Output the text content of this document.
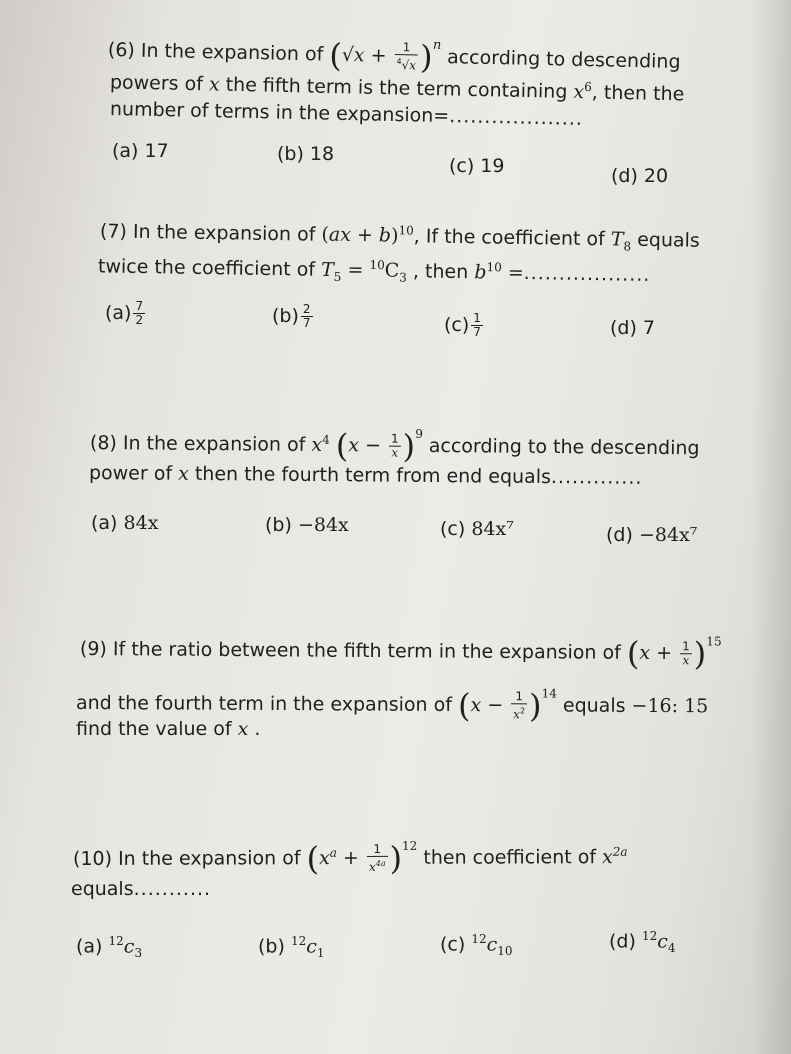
(6) In the expansion of $(√x + \frac{1}{^4√x} )^n$ according to descending
powers of x the fifth term is the term containing $x^6$, then the
number of terms in the expansion=...................
(a) 17	(b) 18
(c) 19	(d) 20
(7) In the expansion of (ax + b)$^{10}$, If the coefficient of $T_8$ equals
twice the coefficient of $T_5 = ^{10}C_3$ , then $b^{10}$ =..................
$(a) \frac{7}{2}$	$(b) \frac{2}{7}$	$(c) \frac{1}{7}$	(d) 7
(8) In the expansion of $x^4$ $(x - \frac{1}{x} )^9$ according to the descending
power of x then the fourth term from end equals.............
(a) 84x	(b) −84x	(c) 84x⁷	(d) −84x⁷
(9) If the ratio between the fifth term in the expansion of $(x + \frac{1}{x} )^{15}$
and the fourth term in the expansion of $(x - \frac{1}{x^2} )^{14}$ equals −16: 15
find the value of x .
(10) In the expansion of $(x^a + \frac{1}{x^{4a}} )^{12}$ then coefficient of $x^{2a}$
equals...........
(a) $^{12}c_3$	(b) $^{12}c_1$	(c) $^{12}c_{10}$	(d) $^{12}c_4$
